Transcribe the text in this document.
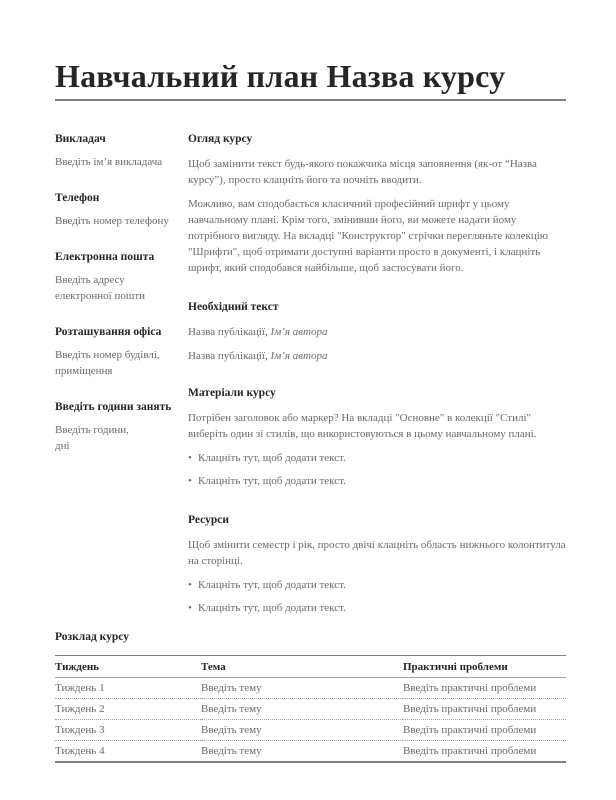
Навчальний план Назва курсу
Викладач
Введіть ім’я викладача
Телефон
Введіть номер телефону
Електронна пошта
Введіть адресу електронної пошти
Розташування офіса
Введіть номер будівлі, приміщення
Введіть години занять
Введіть години, дні
Огляд курсу
Щоб замінити текст будь-якого покажчика місця заповнення (як-от “Назва курсу”), просто клацніть його та почніть вводити.
Можливо, вам сподобається класичний професійний шрифт у цьому навчальному плані. Крім того, змінивши його, ви можете надати йому потрібного вигляду. На вкладці "Конструктор" стрічки перегляньте колекцію "Шрифти", щоб отримати доступні варіанти просто в документі, і клацніть шрифт, який сподобався найбільше, щоб застосувати його.
Необхідний текст
Назва публікації, Ім’я автора
Назва публікації, Ім’я автора
Матеріали курсу
Потрібен заголовок або маркер? На вкладці "Основне" в колекції "Стилі" виберіть один зі стилів, що використовуються в цьому навчальному плані.
• Клацніть тут, щоб додати текст.
• Клацніть тут, щоб додати текст.
Ресурси
Щоб змінити семестр і рік, просто двічі клацніть область нижнього колонтитула на сторінці.
• Клацніть тут, щоб додати текст.
• Клацніть тут, щоб додати текст.
Розклад курсу
Тиждень	Тема	Практичні проблеми
Тиждень 1	Введіть тему	Введіть практичні проблеми
Тиждень 2	Введіть тему	Введіть практичні проблеми
Тиждень 3	Введіть тему	Введіть практичні проблеми
Тиждень 4	Введіть тему	Введіть практичні проблеми
